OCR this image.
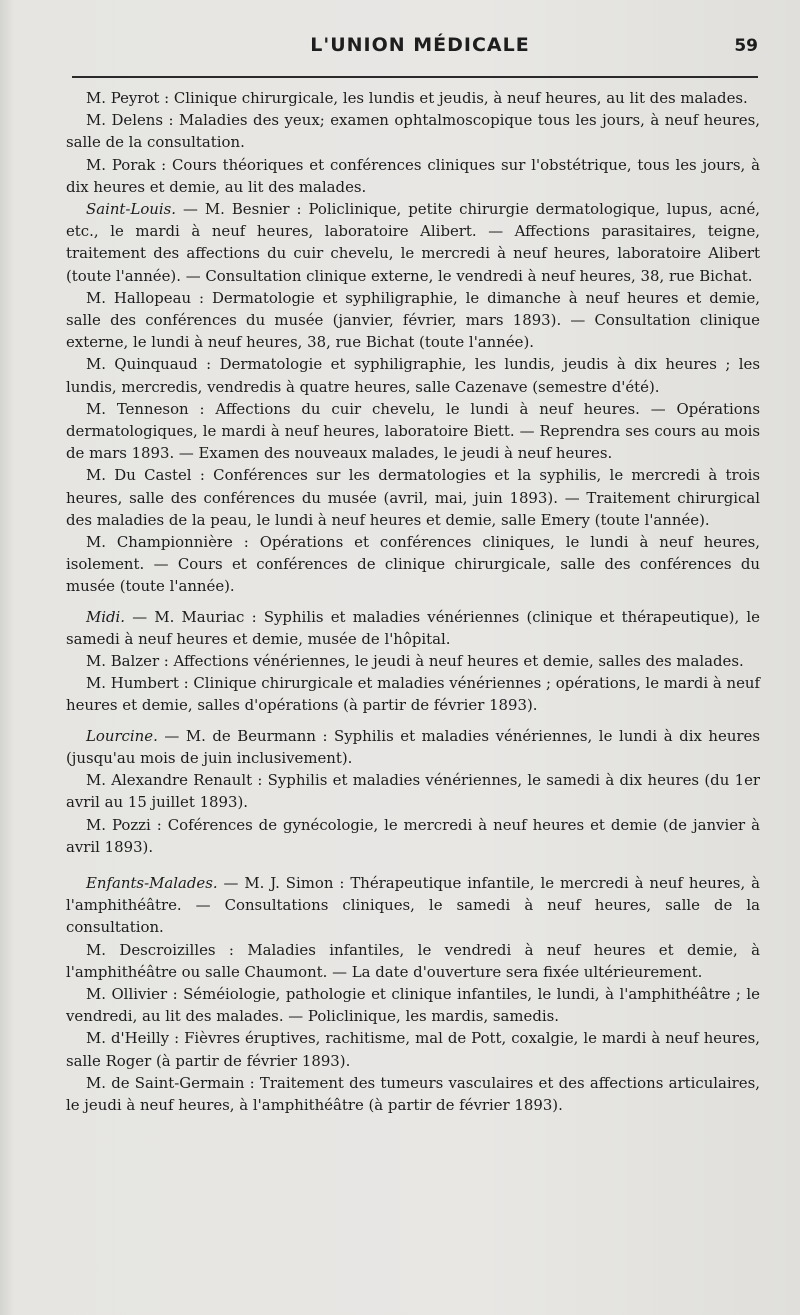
L'UNION MÉDICALE	59

M. Peyrot : Clinique chirurgicale, les lundis et jeudis, à neuf heures, au lit des malades.

M. Delens : Maladies des yeux; examen ophtalmoscopique tous les jours, à neuf heures, salle de la consultation.

M. Porak : Cours théoriques et conférences cliniques sur l'obstétrique, tous les jours, à dix heures et demie, au lit des malades.

Saint-Louis. — M. Besnier : Policlinique, petite chirurgie dermatologique, lupus, acné, etc., le mardi à neuf heures, laboratoire Alibert. — Affections parasitaires, teigne, traitement des affections du cuir chevelu, le mercredi à neuf heures, laboratoire Alibert (toute l'année). — Consultation clinique externe, le vendredi à neuf heures, 38, rue Bichat.

M. Hallopeau : Dermatologie et syphiligraphie, le dimanche à neuf heures et demie, salle des conférences du musée (janvier, février, mars 1893). — Consultation clinique externe, le lundi à neuf heures, 38, rue Bichat (toute l'année).

M. Quinquaud : Dermatologie et syphiligraphie, les lundis, jeudis à dix heures ; les lundis, mercredis, vendredis à quatre heures, salle Cazenave (semestre d'été).

M. Tenneson : Affections du cuir chevelu, le lundi à neuf heures. — Opérations dermatologiques, le mardi à neuf heures, laboratoire Biett. — Reprendra ses cours au mois de mars 1893. — Examen des nouveaux malades, le jeudi à neuf heures.

M. Du Castel : Conférences sur les dermatologies et la syphilis, le mercredi à trois heures, salle des conférences du musée (avril, mai, juin 1893). — Traitement chirurgical des maladies de la peau, le lundi à neuf heures et demie, salle Emery (toute l'année).

M. Championnière : Opérations et conférences cliniques, le lundi à neuf heures, isolement. — Cours et conférences de clinique chirurgicale, salle des conférences du musée (toute l'année).

Midi. — M. Mauriac : Syphilis et maladies vénériennes (clinique et thérapeutique), le samedi à neuf heures et demie, musée de l'hôpital.

M. Balzer : Affections vénériennes, le jeudi à neuf heures et demie, salles des malades.

M. Humbert : Clinique chirurgicale et maladies vénériennes ; opérations, le mardi à neuf heures et demie, salles d'opérations (à partir de février 1893).

Lourcine. — M. de Beurmann : Syphilis et maladies vénériennes, le lundi à dix heures (jusqu'au mois de juin inclusivement).

M. Alexandre Renault : Syphilis et maladies vénériennes, le samedi à dix heures (du 1er avril au 15 juillet 1893).

M. Pozzi : Coférences de gynécologie, le mercredi à neuf heures et demie (de janvier à avril 1893).

Enfants-Malades. — M. J. Simon : Thérapeutique infantile, le mercredi à neuf heures, à l'amphithéâtre. — Consultations cliniques, le samedi à neuf heures, salle de la consultation.

M. Descroizilles : Maladies infantiles, le vendredi à neuf heures et demie, à l'amphithéâtre ou salle Chaumont. — La date d'ouverture sera fixée ultérieurement.

M. Ollivier : Séméiologie, pathologie et clinique infantiles, le lundi, à l'amphithéâtre ; le vendredi, au lit des malades. — Policlinique, les mardis, samedis.

M. d'Heilly : Fièvres éruptives, rachitisme, mal de Pott, coxalgie, le mardi à neuf heures, salle Roger (à partir de février 1893).

M. de Saint-Germain : Traitement des tumeurs vasculaires et des affections articulaires, le jeudi à neuf heures, à l'amphithéâtre (à partir de février 1893).
